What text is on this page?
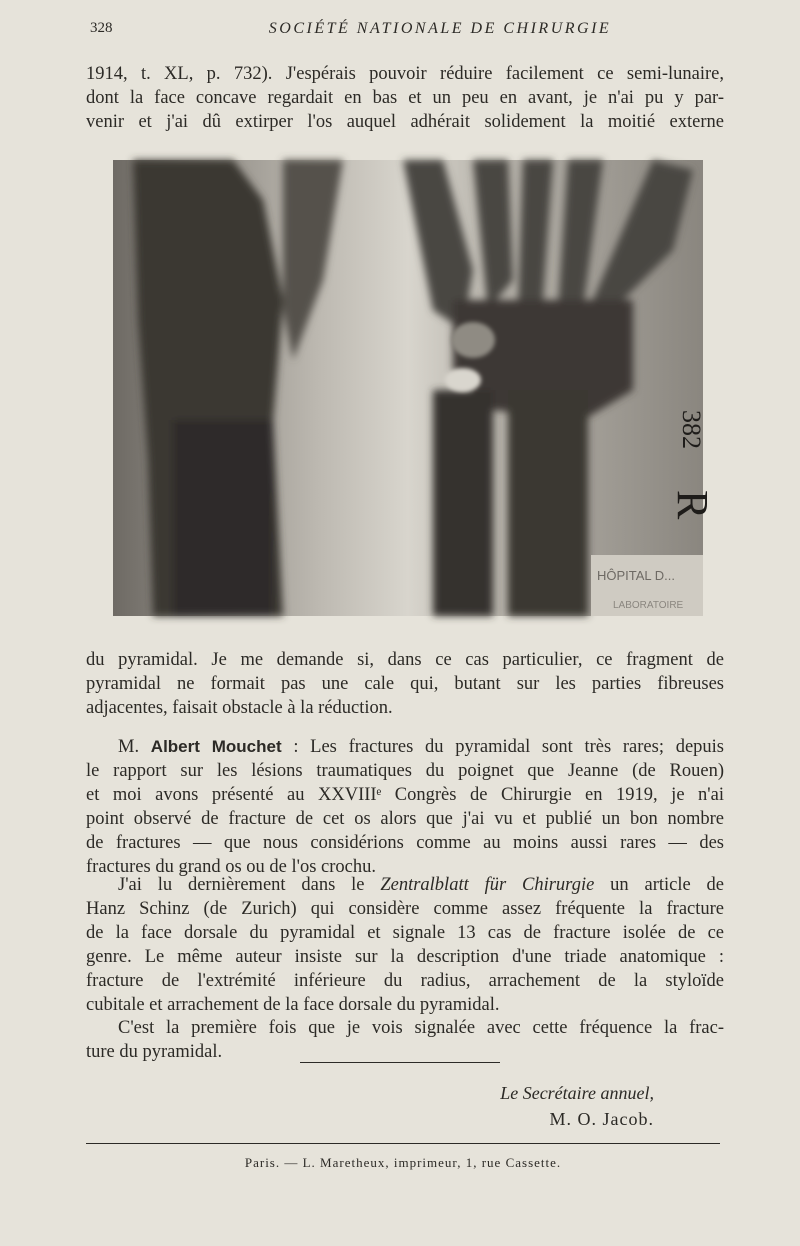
328	SOCIÉTÉ NATIONALE DE CHIRURGIE
1914, t. XL, p. 732). J'espérais pouvoir réduire facilement ce semi-lunaire,
dont la face concave regardait en bas et un peu en avant, je n'ai pu y par-
venir et j'ai dû extirper l'os auquel adhérait solidement la moitié externe
HÔPITAL D...
LABORATOIRE
382
R
du pyramidal. Je me demande si, dans ce cas particulier, ce fragment de
pyramidal ne formait pas une cale qui, butant sur les parties fibreuses
adjacentes, faisait obstacle à la réduction.
M. Albert Mouchet : Les fractures du pyramidal sont très rares; depuis
le rapport sur les lésions traumatiques du poignet que Jeanne (de Rouen)
et moi avons présenté au XXVIIIᵉ Congrès de Chirurgie en 1919, je n'ai
point observé de fracture de cet os alors que j'ai vu et publié un bon nombre
de fractures — que nous considérions comme au moins aussi rares — des
fractures du grand os ou de l'os crochu.
J'ai lu dernièrement dans le Zentralblatt für Chirurgie un article de
Hanz Schinz (de Zurich) qui considère comme assez fréquente la fracture
de la face dorsale du pyramidal et signale 13 cas de fracture isolée de ce
genre. Le même auteur insiste sur la description d'une triade anatomique :
fracture de l'extrémité inférieure du radius, arrachement de la styloïde
cubitale et arrachement de la face dorsale du pyramidal.
C'est la première fois que je vois signalée avec cette fréquence la frac-
ture du pyramidal.
Le Secrétaire annuel,
M. O. Jacob.
Paris. — L. Maretheux, imprimeur, 1, rue Cassette.
